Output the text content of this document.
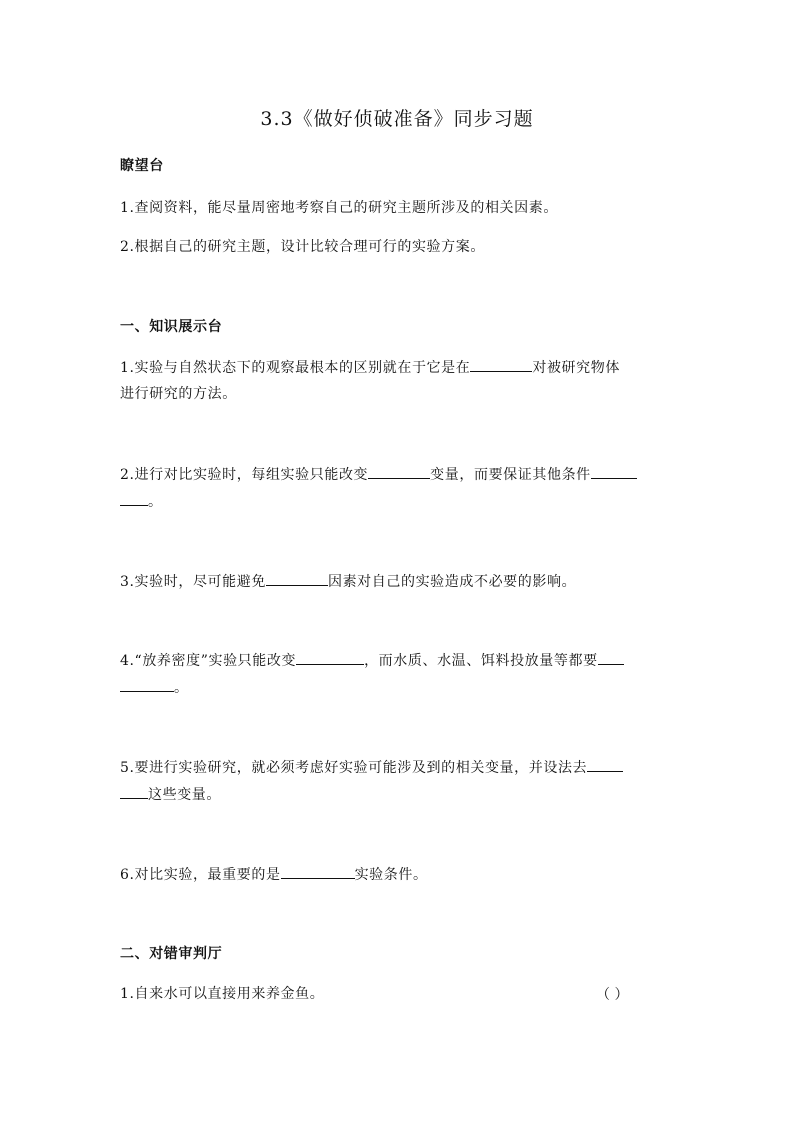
3.3《做好侦破准备》同步习题
瞭望台
1.查阅资料，能尽量周密地考察自己的研究主题所涉及的相关因素。
2.根据自己的研究主题，设计比较合理可行的实验方案。
一、知识展示台
1.实验与自然状态下的观察最根本的区别就在于它是在	对被研究物体
进行研究的方法。
2.进行对比实验时，每组实验只能改变	变量，而要保证其他条件
。
3.实验时，尽可能避免	因素对自己的实验造成不必要的影响。
4.“放养密度”实验只能改变	，而水质、水温、饵料投放量等都要
。
5.要进行实验研究，就必须考虑好实验可能涉及到的相关变量，并设法去
这些变量。
6.对比实验，最重要的是	实验条件。
二、对错审判厅
1.自来水可以直接用来养金鱼。	（ ）
